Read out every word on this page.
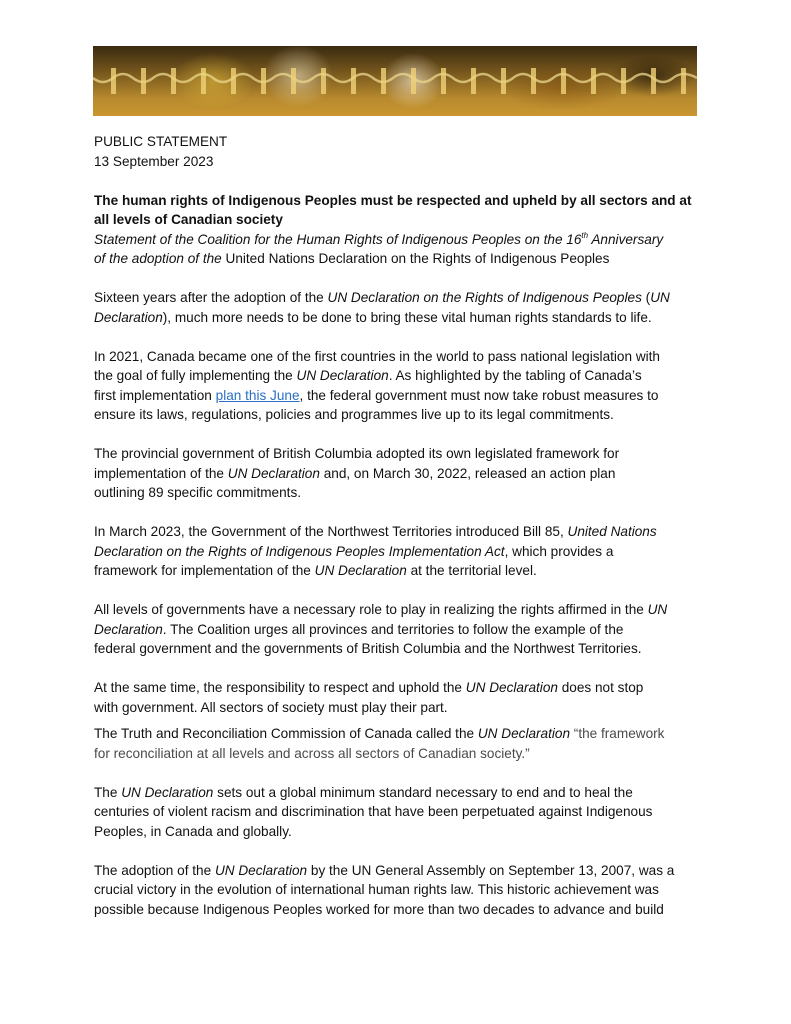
PUBLIC STATEMENT
13 September 2023
The human rights of Indigenous Peoples must be respected and upheld by all sectors and at
all levels of Canadian society
Statement of the Coalition for the Human Rights of Indigenous Peoples on the 16th Anniversary
of the adoption of the United Nations Declaration on the Rights of Indigenous Peoples
Sixteen years after the adoption of the UN Declaration on the Rights of Indigenous Peoples (UN
Declaration), much more needs to be done to bring these vital human rights standards to life.
In 2021, Canada became one of the first countries in the world to pass national legislation with
the goal of fully implementing the UN Declaration. As highlighted by the tabling of Canada’s
first implementation plan this June, the federal government must now take robust measures to
ensure its laws, regulations, policies and programmes live up to its legal commitments.
The provincial government of British Columbia adopted its own legislated framework for
implementation of the UN Declaration and, on March 30, 2022, released an action plan
outlining 89 specific commitments.
In March 2023, the Government of the Northwest Territories introduced Bill 85, United Nations
Declaration on the Rights of Indigenous Peoples Implementation Act, which provides a
framework for implementation of the UN Declaration at the territorial level.
All levels of governments have a necessary role to play in realizing the rights affirmed in the UN
Declaration. The Coalition urges all provinces and territories to follow the example of the
federal government and the governments of British Columbia and the Northwest Territories.
At the same time, the responsibility to respect and uphold the UN Declaration does not stop
with government. All sectors of society must play their part.
The Truth and Reconciliation Commission of Canada called the UN Declaration “the framework
for reconciliation at all levels and across all sectors of Canadian society.”
The UN Declaration sets out a global minimum standard necessary to end and to heal the
centuries of violent racism and discrimination that have been perpetuated against Indigenous
Peoples, in Canada and globally.
The adoption of the UN Declaration by the UN General Assembly on September 13, 2007, was a
crucial victory in the evolution of international human rights law. This historic achievement was
possible because Indigenous Peoples worked for more than two decades to advance and build
